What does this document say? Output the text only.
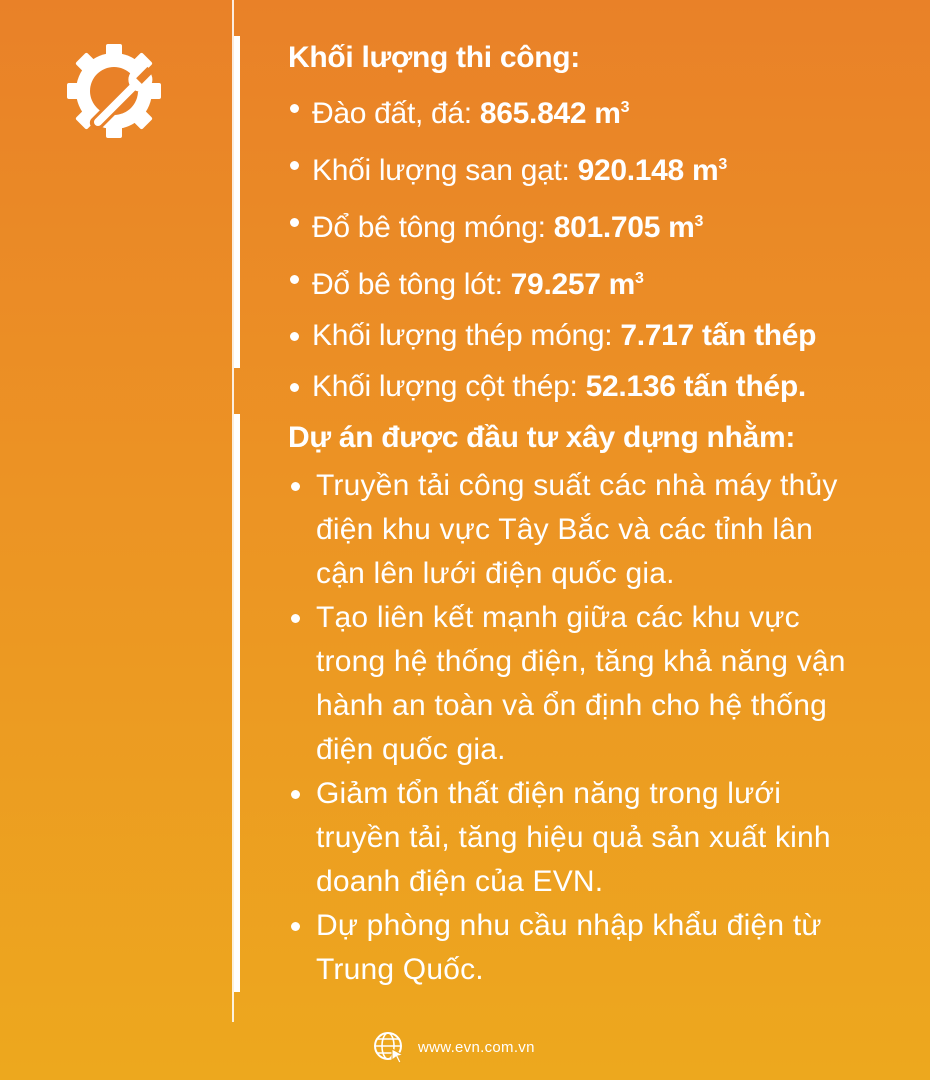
Khối lượng thi công:

Đào đất, đá: 865.842 $m^3$
Khối lượng san gạt: 920.148 $m^3$
Đổ bê tông móng: 801.705 $m^3$
Đổ bê tông lót: 79.257 $m^3$
Khối lượng thép móng: 7.717 tấn thép
Khối lượng cột thép: 52.136 tấn thép.

Dự án được đầu tư xây dựng nhằm:

Truyền tải công suất các nhà máy thủy điện khu vực Tây Bắc và các tỉnh lân cận lên lưới điện quốc gia.
Tạo liên kết mạnh giữa các khu vực trong hệ thống điện, tăng khả năng vận hành an toàn và ổn định cho hệ thống điện quốc gia.
Giảm tổn thất điện năng trong lưới truyền tải, tăng hiệu quả sản xuất kinh doanh điện của EVN.
Dự phòng nhu cầu nhập khẩu điện từ Trung Quốc.
www.evn.com.vn
